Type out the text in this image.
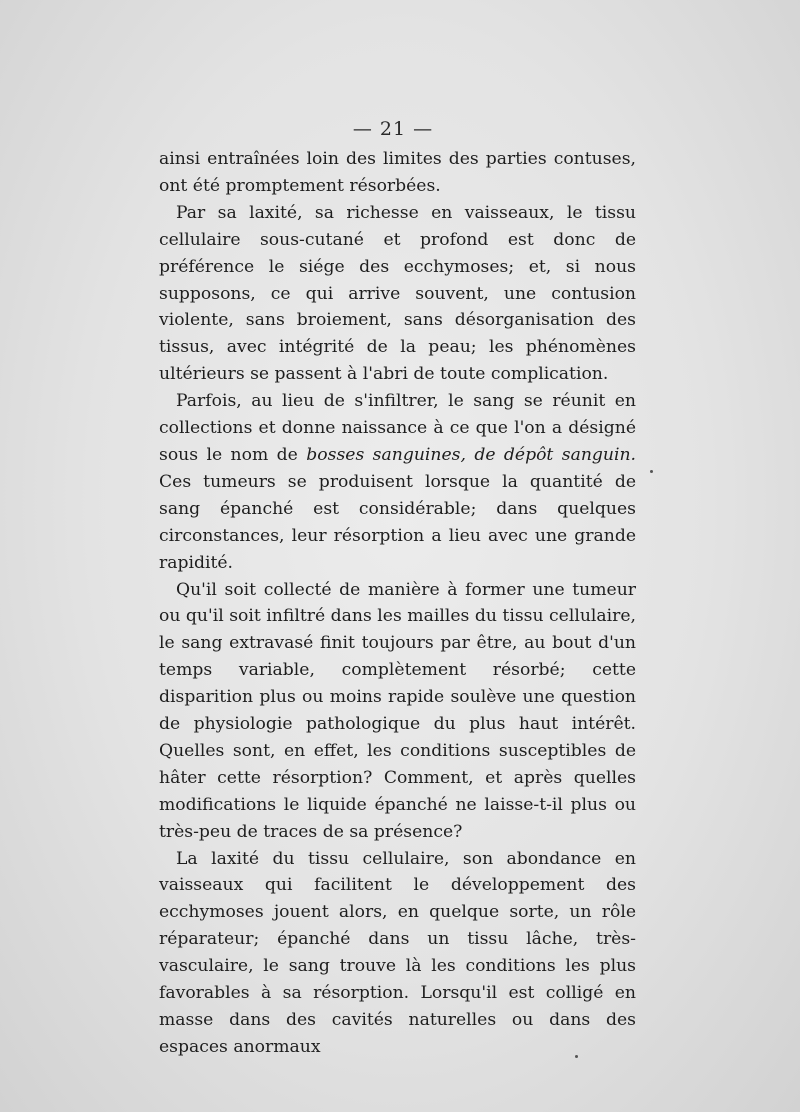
— 21 —

ainsi entraînées loin des limites des parties contuses, ont été promptement résorbées.

Par sa laxité, sa richesse en vaisseaux, le tissu cellulaire sous-cutané et profond est donc de préférence le siége des ecchymoses; et, si nous supposons, ce qui arrive souvent, une contusion violente, sans broiement, sans désorganisation des tissus, avec intégrité de la peau; les phénomènes ultérieurs se passent à l'abri de toute complication.

Parfois, au lieu de s'infiltrer, le sang se réunit en collections et donne naissance à ce que l'on a désigné sous le nom de bosses sanguines, de dépôt sanguin. Ces tumeurs se produisent lorsque la quantité de sang épanché est considérable; dans quelques circonstances, leur résorption a lieu avec une grande rapidité.

Qu'il soit collecté de manière à former une tumeur ou qu'il soit infiltré dans les mailles du tissu cellulaire, le sang extravasé finit toujours par être, au bout d'un temps variable, complètement résorbé; cette disparition plus ou moins rapide soulève une question de physiologie pathologique du plus haut intérêt. Quelles sont, en effet, les conditions susceptibles de hâter cette résorption? Comment, et après quelles modifications le liquide épanché ne laisse-t-il plus ou très-peu de traces de sa présence?

La laxité du tissu cellulaire, son abondance en vaisseaux qui facilitent le développement des ecchymoses jouent alors, en quelque sorte, un rôle réparateur; épanché dans un tissu lâche, très-vasculaire, le sang trouve là les conditions les plus favorables à sa résorption. Lorsqu'il est colligé en masse dans des cavités naturelles ou dans des espaces anormaux
